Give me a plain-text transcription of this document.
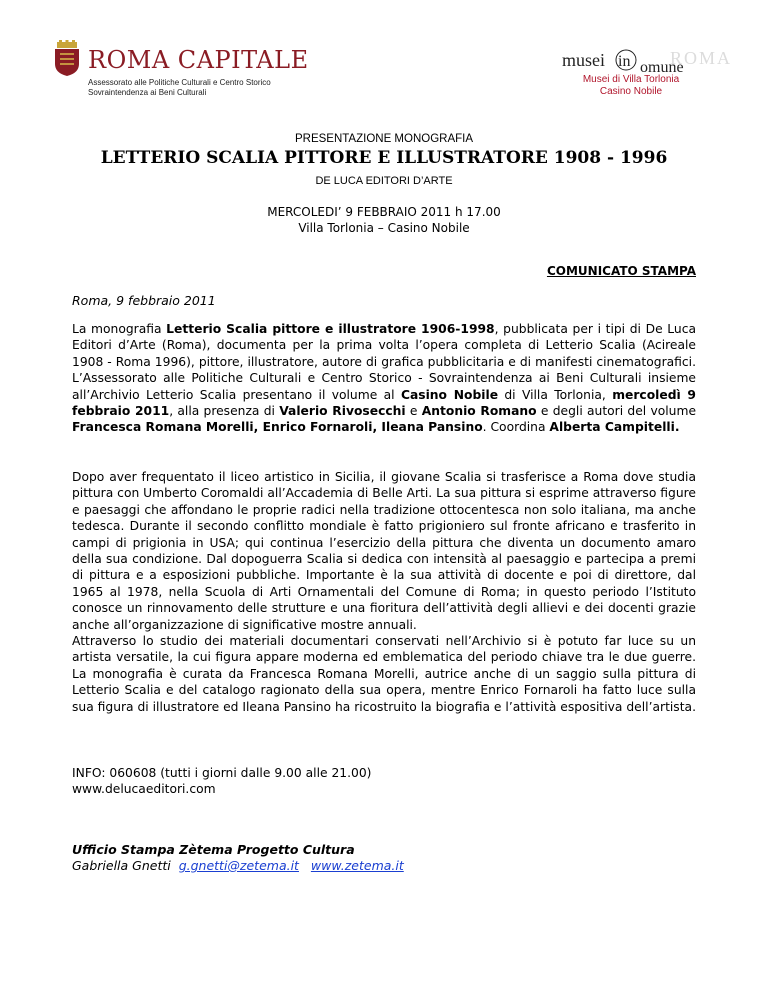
ROMA CAPITALE
Assessorato alle Politiche Culturali e Centro Storico
Sovraintendenza ai Beni Culturali
ROMA
musei in omune
Musei di Villa Torlonia
Casino Nobile
PRESENTAZIONE MONOGRAFIA
LETTERIO SCALIA PITTORE E ILLUSTRATORE 1908 - 1996
DE LUCA EDITORI D’ARTE
MERCOLEDI’ 9 FEBBRAIO 2011 h 17.00
Villa Torlonia – Casino Nobile
COMUNICATO STAMPA
Roma, 9 febbraio 2011

La monografia Letterio Scalia pittore e illustratore 1906-1998, pubblicata per i tipi di De Luca Editori d’Arte (Roma), documenta per la prima volta l’opera completa di Letterio Scalia (Acireale 1908 - Roma 1996), pittore, illustratore, autore di grafica pubblicitaria e di manifesti cinematografici. L’Assessorato alle Politiche Culturali e Centro Storico - Sovraintendenza ai Beni Culturali insieme all’Archivio Letterio Scalia presentano il volume al Casino Nobile di Villa Torlonia, mercoledì 9 febbraio 2011, alla presenza di Valerio Rivosecchi e Antonio Romano e degli autori del volume Francesca Romana Morelli, Enrico Fornaroli, Ileana Pansino. Coordina Alberta Campitelli.

Dopo aver frequentato il liceo artistico in Sicilia, il giovane Scalia si trasferisce a Roma dove studia pittura con Umberto Coromaldi all’Accademia di Belle Arti. La sua pittura si esprime attraverso figure e paesaggi che affondano le proprie radici nella tradizione ottocentesca non solo italiana, ma anche tedesca. Durante il secondo conflitto mondiale è fatto prigioniero sul fronte africano e trasferito in campi di prigionia in USA; qui continua l’esercizio della pittura che diventa un documento amaro della sua condizione. Dal dopoguerra Scalia si dedica con intensità al paesaggio e partecipa a premi di pittura e a esposizioni pubbliche. Importante è la sua attività di docente e poi di direttore, dal 1965 al 1978, nella Scuola di Arti Ornamentali del Comune di Roma; in questo periodo l’Istituto conosce un rinnovamento delle strutture e una fioritura dell’attività degli allievi e dei docenti grazie anche all’organizzazione di significative mostre annuali.

Attraverso lo studio dei materiali documentari conservati nell’Archivio si è potuto far luce su un artista versatile, la cui figura appare moderna ed emblematica del periodo chiave tra le due guerre. La monografia è curata da Francesca Romana Morelli, autrice anche di un saggio sulla pittura di Letterio Scalia e del catalogo ragionato della sua opera, mentre Enrico Fornaroli ha fatto luce sulla sua figura di illustratore ed Ileana Pansino ha ricostruito la biografia e l’attività espositiva dell’artista.

INFO: 060608 (tutti i giorni dalle 9.00 alle 21.00)
www.delucaeditori.com
Ufficio Stampa Zètema Progetto Cultura
Gabriella Gnetti g.gnetti@zetema.it www.zetema.it
